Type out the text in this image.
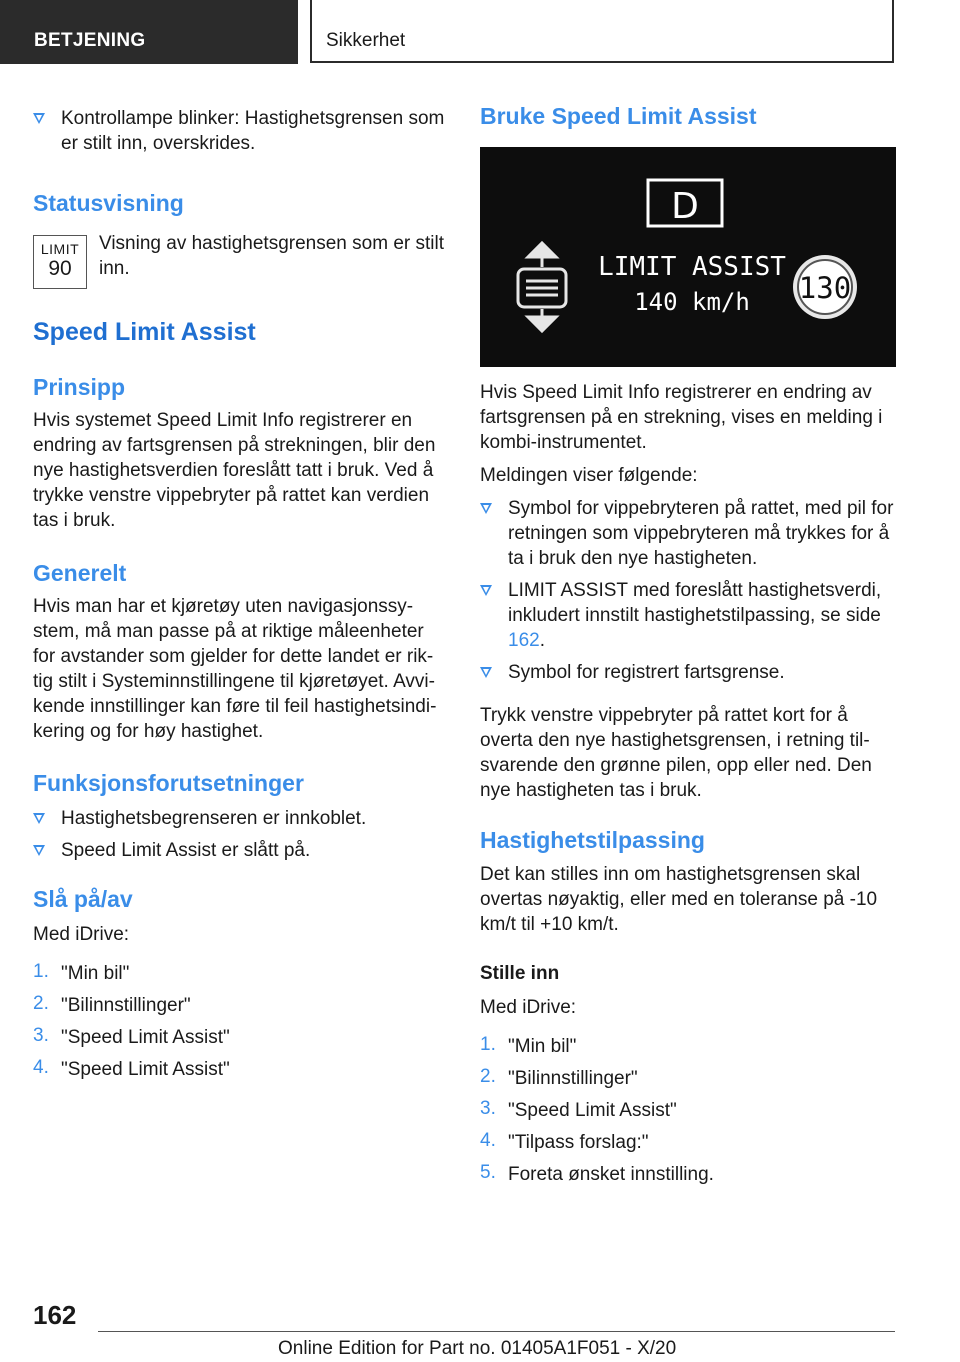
BETJENING	Sikkerhet

Kontrollampe blinker: Hastighetsgrensen som er stilt inn, overskrides.

Statusvisning

LIMIT
90

Visning av hastighetsgrensen som er stilt inn.

Speed Limit Assist

Prinsipp

Hvis systemet Speed Limit Info registrerer en endring av fartsgrensen på strekningen, blir den nye hastighetsverdien foreslått tatt i bruk. Ved å trykke venstre vippebryter på rattet kan verdien tas i bruk.

Generelt

Hvis man har et kjøretøy uten navigasjonssy-stem, må man passe på at riktige måleenheter for avstander som gjelder for dette landet er rik-tig stilt i Systeminnstillingene til kjøretøyet. Avvi-kende innstillinger kan føre til feil hastighetsindi-kering og for høy hastighet.

Funksjonsforutsetninger

Hastighetsbegrenseren er innkoblet.

Speed Limit Assist er slått på.

Slå på/av

Med iDrive:

1. "Min bil"

2. "Bilinnstillinger"

3. "Speed Limit Assist"

4. "Speed Limit Assist"

Bruke Speed Limit Assist

D
LIMIT ASSIST
140 km/h 130

Hvis Speed Limit Info registrerer en endring av fartsgrensen på en strekning, vises en melding i kombi-instrumentet.

Meldingen viser følgende:

Symbol for vippebryteren på rattet, med pil for retningen som vippebryteren må trykkes for å ta i bruk den nye hastigheten.

LIMIT ASSIST med foreslått hastighetsverdi, inkludert innstilt hastighetstilpassing, se side 162.

Symbol for registrert fartsgrense.

Trykk venstre vippebryter på rattet kort for å overta den nye hastighetsgrensen, i retning til-svarende den grønne pilen, opp eller ned. Den nye hastigheten tas i bruk.

Hastighetstilpassing

Det kan stilles inn om hastighetsgrensen skal overtas nøyaktig, eller med en toleranse på -10 km/t til +10 km/t.

Stille inn

Med iDrive:

1. "Min bil"

2. "Bilinnstillinger"

3. "Speed Limit Assist"

4. "Tilpass forslag:"

5. Foreta ønsket innstilling.

162
Online Edition for Part no. 01405A1F051 - X/20
